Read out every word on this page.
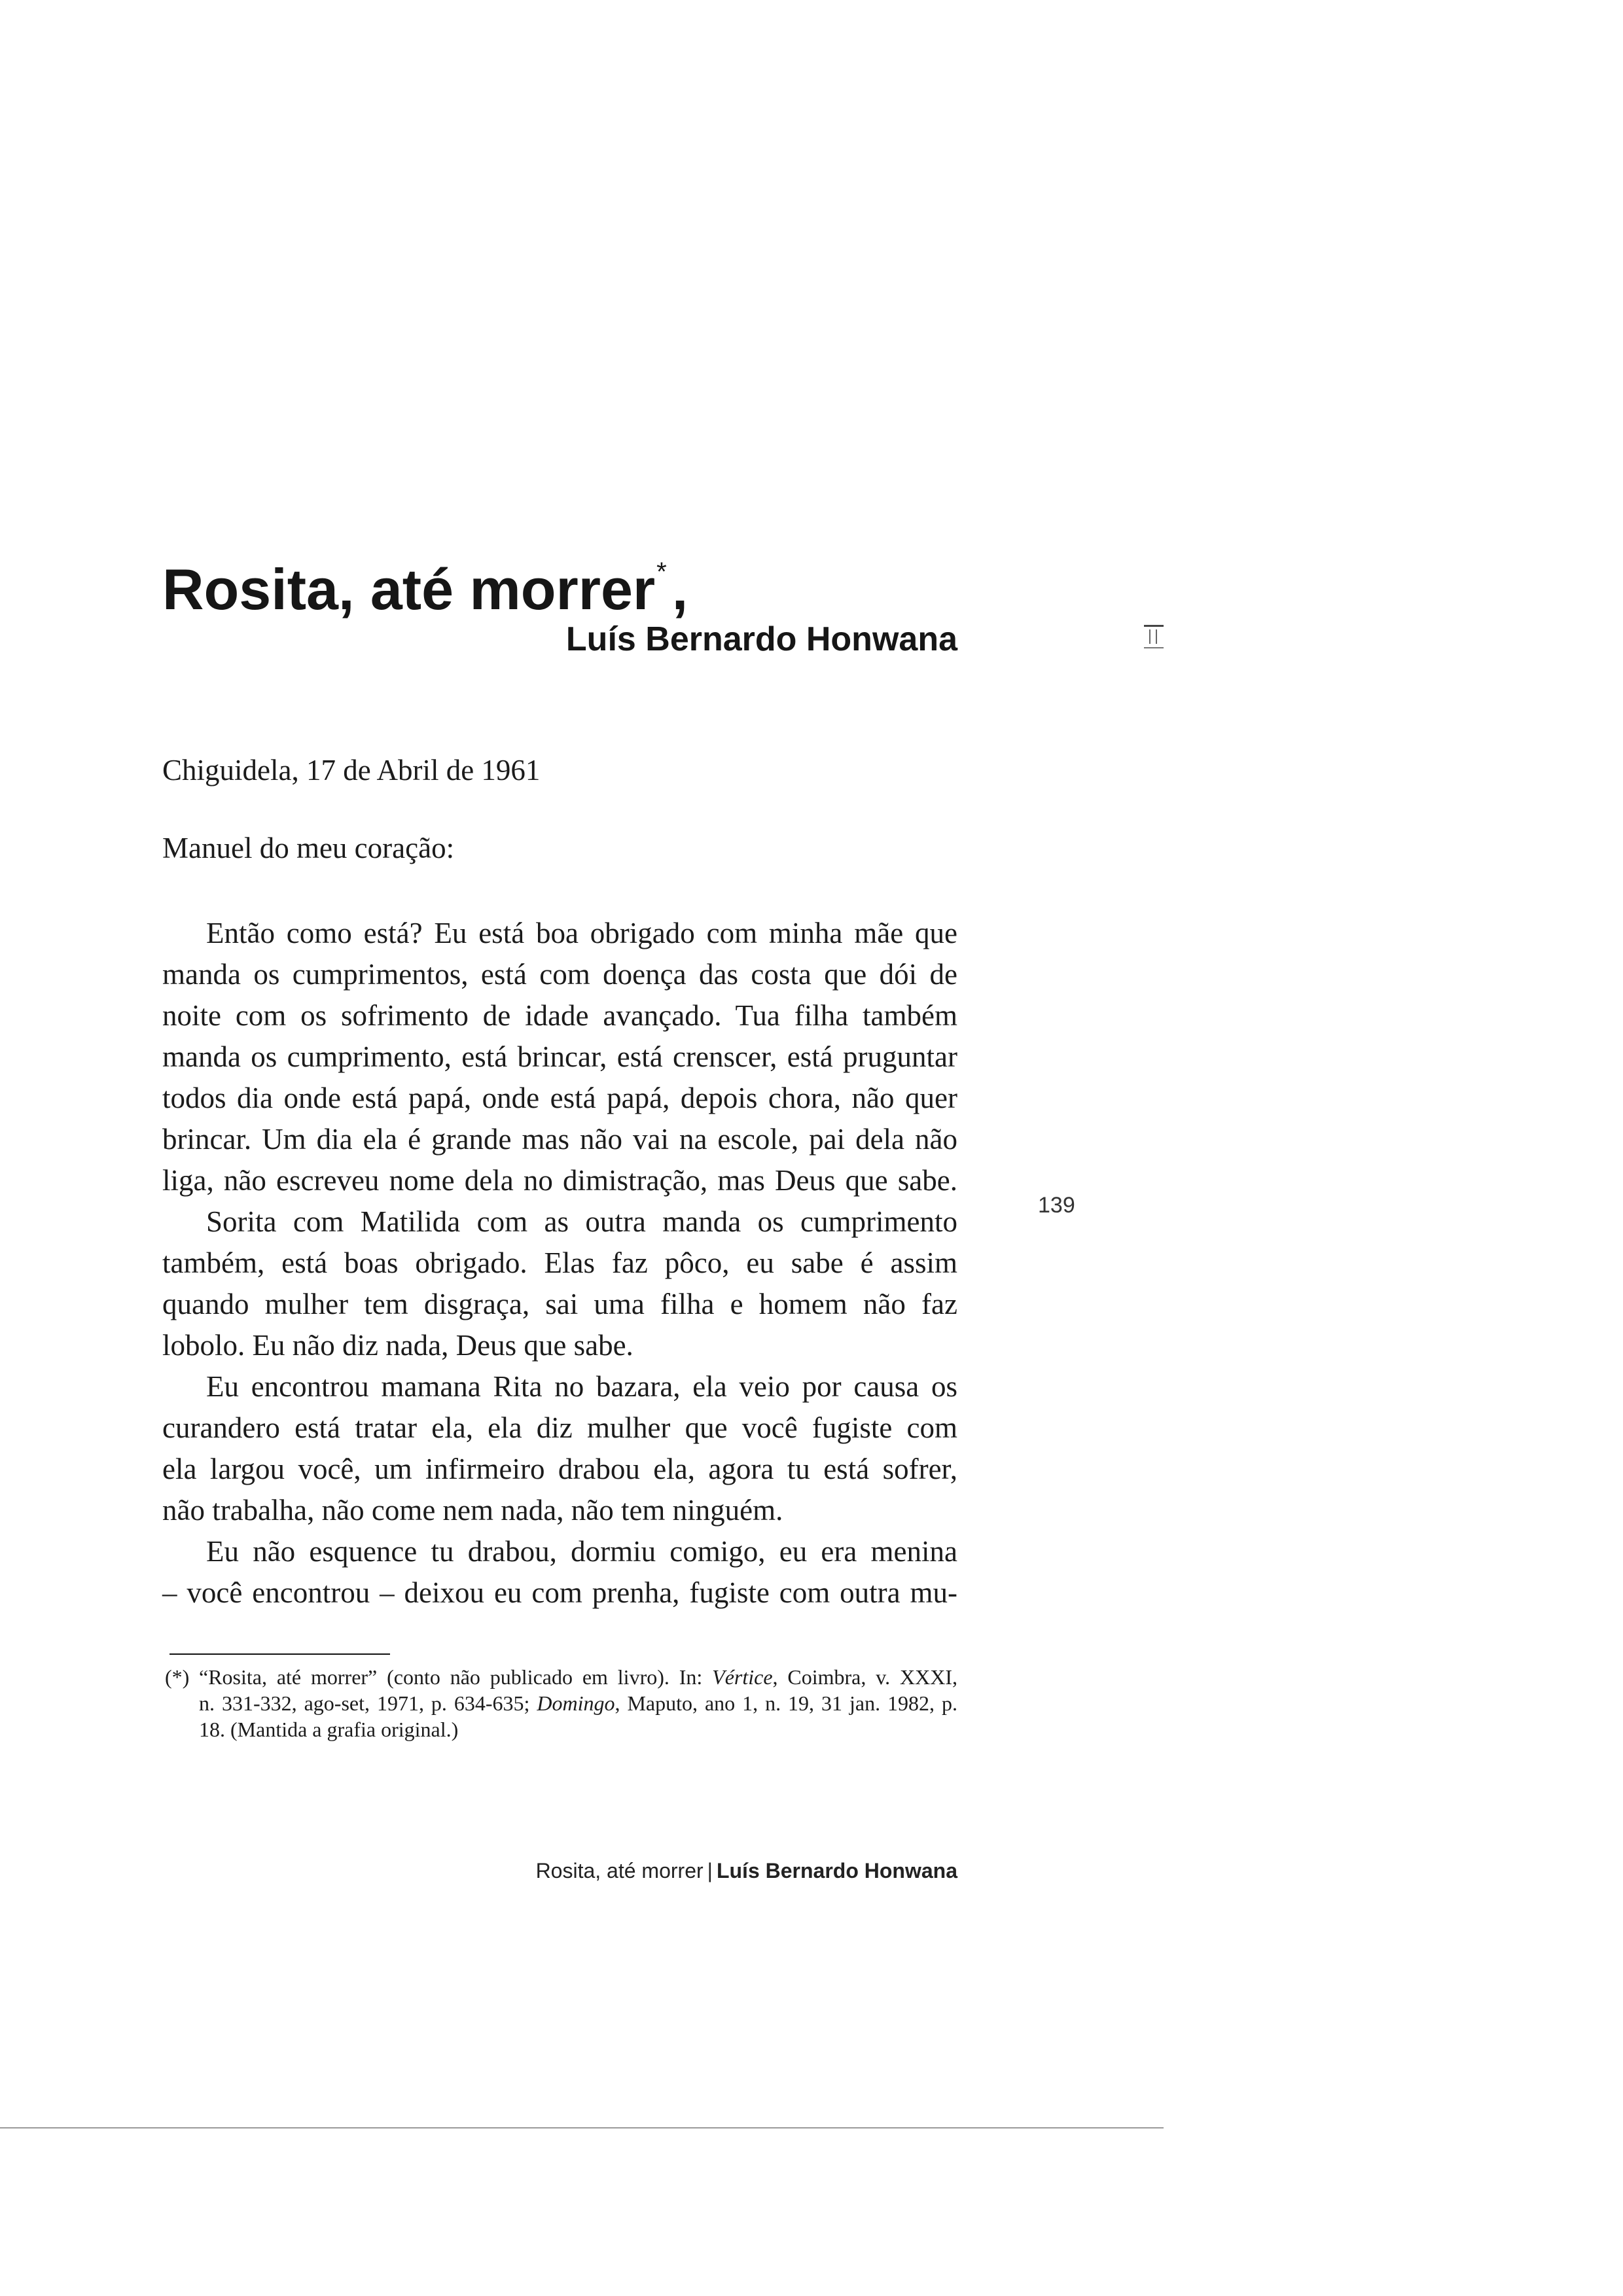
Rosita, até morrer*,
Luís Bernardo Honwana
Chiguidela, 17 de Abril de 1961
Manuel do meu coração:
Então como está? Eu está boa obrigado com minha mãe que
manda os cumprimentos, está com doença das costa que dói de
noite com os sofrimento de idade avançado. Tua filha também
manda os cumprimento, está brincar, está crenscer, está pruguntar
todos dia onde está papá, onde está papá, depois chora, não quer
brincar. Um dia ela é grande mas não vai na escole, pai dela não
liga, não escreveu nome dela no dimistração, mas Deus que sabe.
Sorita com Matilida com as outra manda os cumprimento
também, está boas obrigado. Elas faz pôco, eu sabe é assim
quando mulher tem disgraça, sai uma filha e homem não faz
lobolo. Eu não diz nada, Deus que sabe.
Eu encontrou mamana Rita no bazara, ela veio por causa os
curandero está tratar ela, ela diz mulher que você fugiste com
ela largou você, um infirmeiro drabou ela, agora tu está sofrer,
não trabalha, não come nem nada, não tem ninguém.
Eu não esquence tu drabou, dormiu comigo, eu era menina
– você encontrou – deixou eu com prenha, fugiste com outra mu-
139
(*) “Rosita, até morrer” (conto não publicado em livro). In: Vértice, Coimbra, v. XXXI,
n. 331-332, ago-set, 1971, p. 634-635; Domingo, Maputo, ano 1, n. 19, 31 jan. 1982, p.
18. (Mantida a grafia original.)
Rosita, até morrer | Luís Bernardo Honwana
